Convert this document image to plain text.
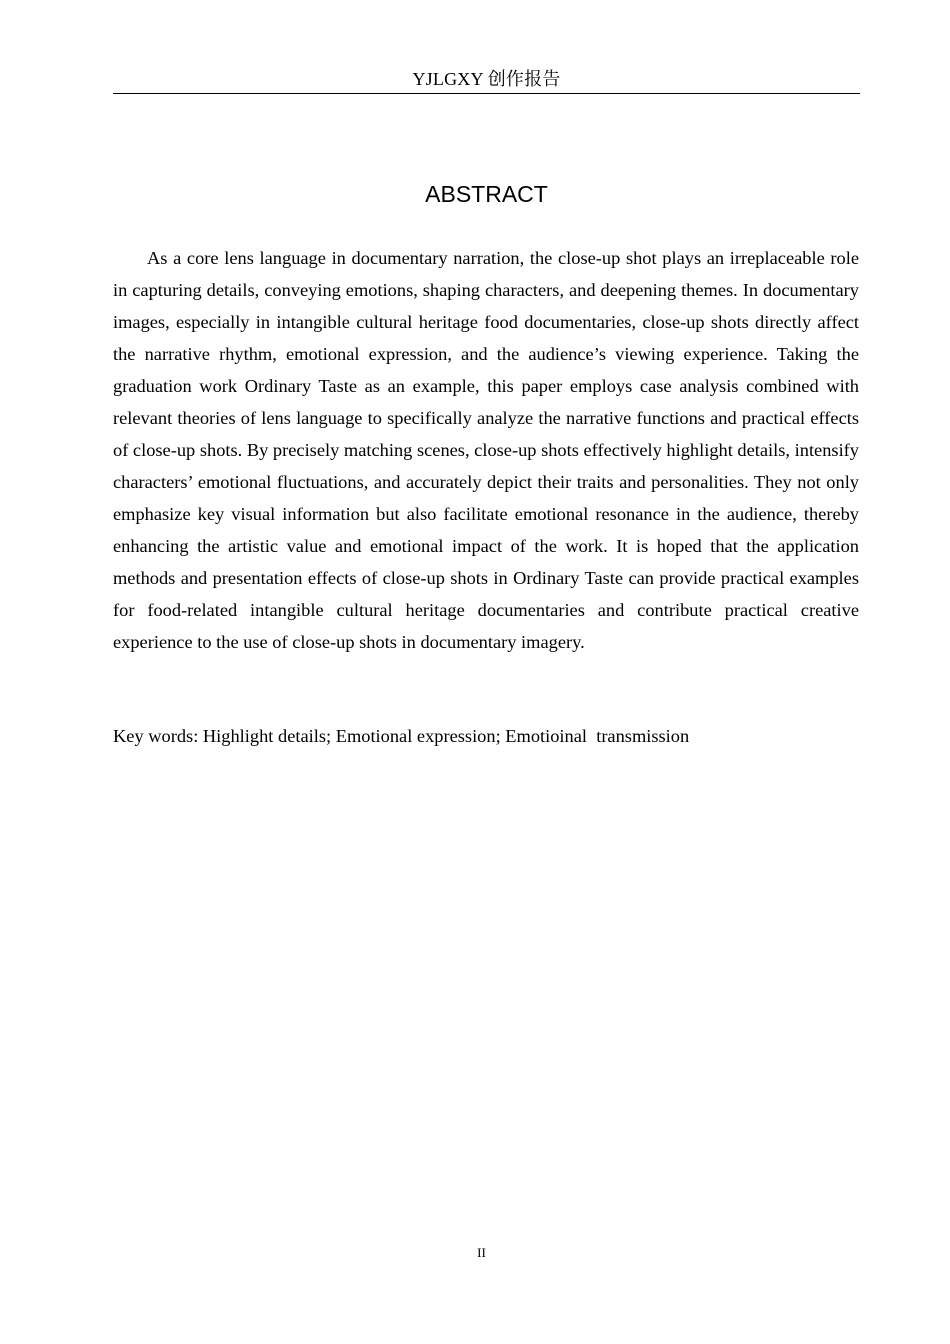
YJLGXY 创作报告
ABSTRACT

As a core lens language in documentary narration, the close-up shot plays an irreplaceable role in capturing details, conveying emotions, shaping characters, and deepening themes. In documentary images, especially in intangible cultural heritage food documentaries, close-up shots directly affect the narrative rhythm, emotional expression, and the audience’s viewing experience. Taking the graduation work Ordinary Taste as an example, this paper employs case analysis combined with relevant theories of lens language to specifically analyze the narrative functions and practical effects of close-up shots. By precisely matching scenes, close-up shots effectively highlight details, intensify characters’ emotional fluctuations, and accurately depict their traits and personalities. They not only emphasize key visual information but also facilitate emotional resonance in the audience, thereby enhancing the artistic value and emotional impact of the work. It is hoped that the application methods and presentation effects of close-up shots in Ordinary Taste can provide practical examples for food-related intangible cultural heritage documentaries and contribute practical creative experience to the use of close-up shots in documentary imagery.

Key words: Highlight details; Emotional expression; Emotioinal  transmission
II
